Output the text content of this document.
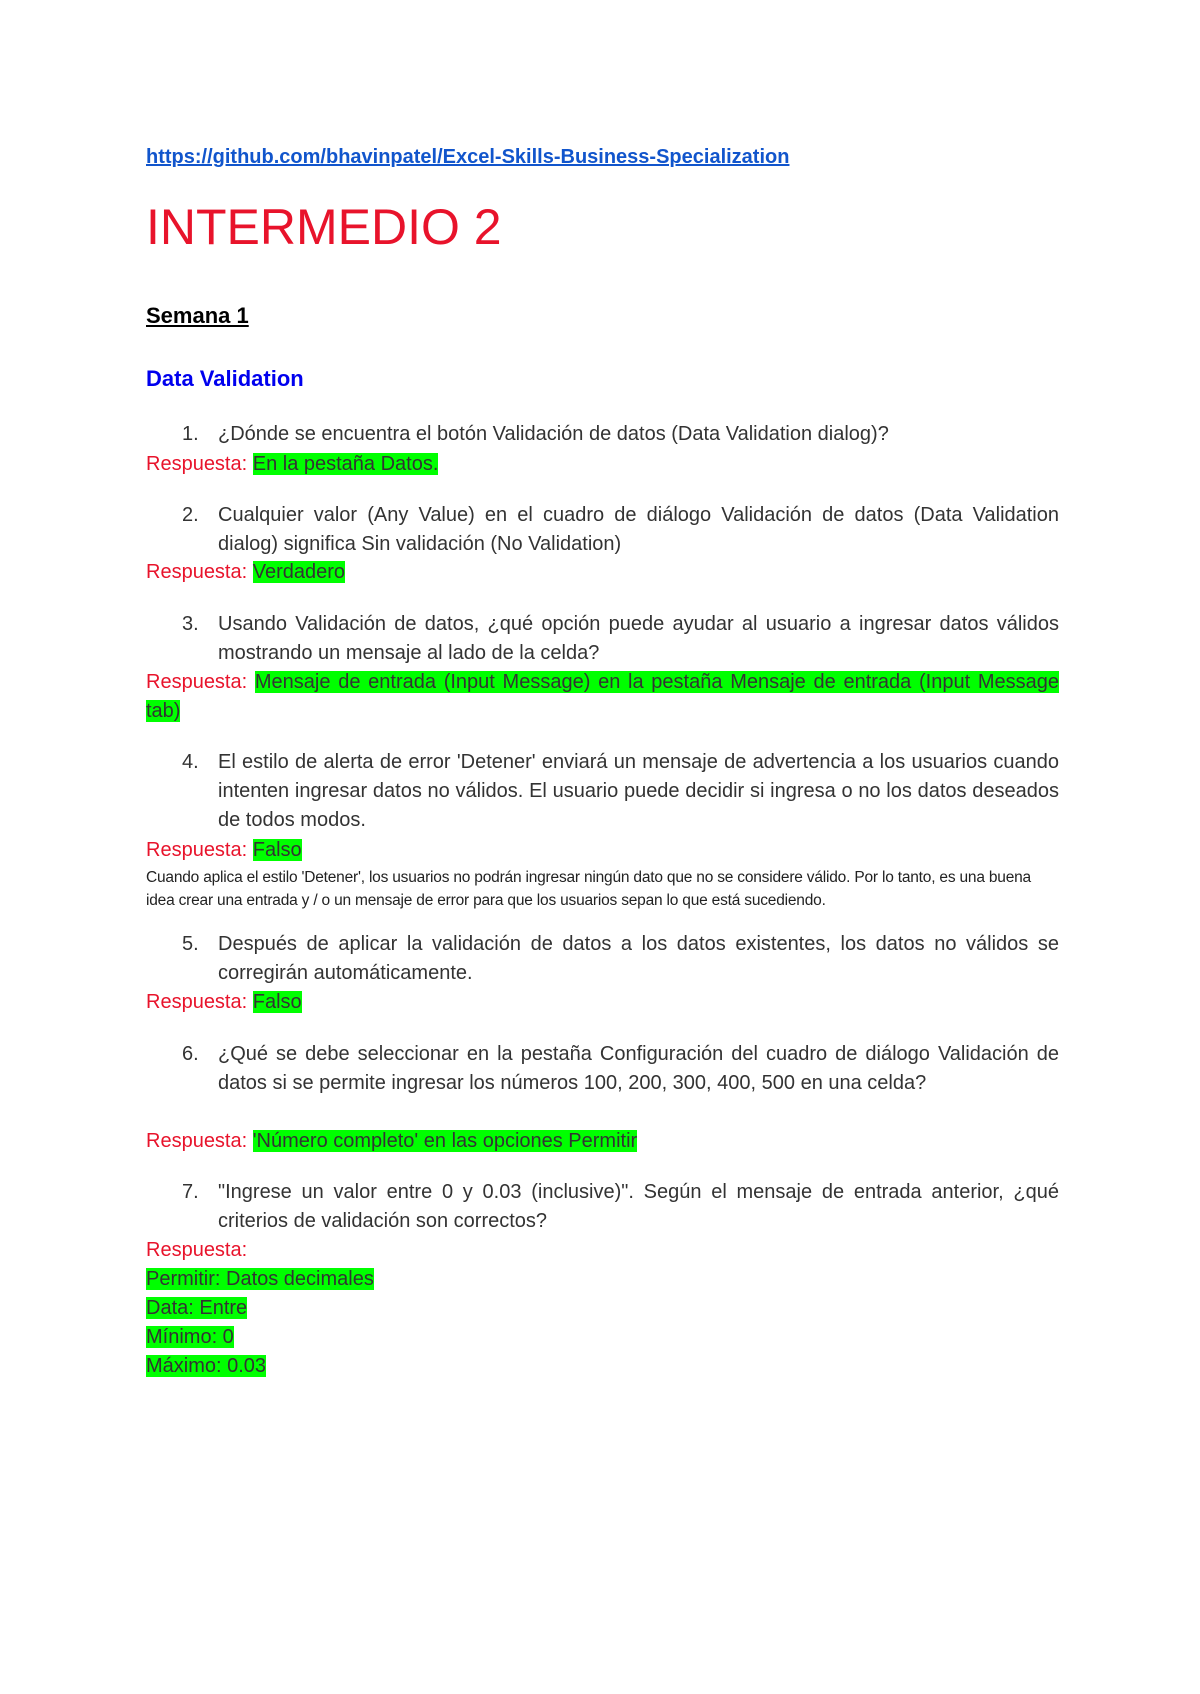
https://github.com/bhavinpatel/Excel-Skills-Business-Specialization
INTERMEDIO 2
Semana 1
Data Validation
1. ¿Dónde se encuentra el botón Validación de datos (Data Validation dialog)?
Respuesta: En la pestaña Datos.
2. Cualquier valor (Any Value) en el cuadro de diálogo Validación de datos (Data Validation dialog) significa Sin validación (No Validation)
Respuesta: Verdadero
3. Usando Validación de datos, ¿qué opción puede ayudar al usuario a ingresar datos válidos mostrando un mensaje al lado de la celda?
Respuesta: Mensaje de entrada (Input Message) en la pestaña Mensaje de entrada (Input Message tab)
4. El estilo de alerta de error 'Detener' enviará un mensaje de advertencia a los usuarios cuando intenten ingresar datos no válidos. El usuario puede decidir si ingresa o no los datos deseados de todos modos.
Respuesta: Falso
Cuando aplica el estilo 'Detener', los usuarios no podrán ingresar ningún dato que no se considere válido. Por lo tanto, es una buena idea crear una entrada y / o un mensaje de error para que los usuarios sepan lo que está sucediendo.
5. Después de aplicar la validación de datos a los datos existentes, los datos no válidos se corregirán automáticamente.
Respuesta: Falso
6. ¿Qué se debe seleccionar en la pestaña Configuración del cuadro de diálogo Validación de datos si se permite ingresar los números 100, 200, 300, 400, 500 en una celda?
Respuesta: 'Número completo' en las opciones Permitir
7. "Ingrese un valor entre 0 y 0.03 (inclusive)". Según el mensaje de entrada anterior, ¿qué criterios de validación son correctos?
Respuesta:
Permitir: Datos decimales
Data: Entre
Mínimo: 0
Máximo: 0.03
